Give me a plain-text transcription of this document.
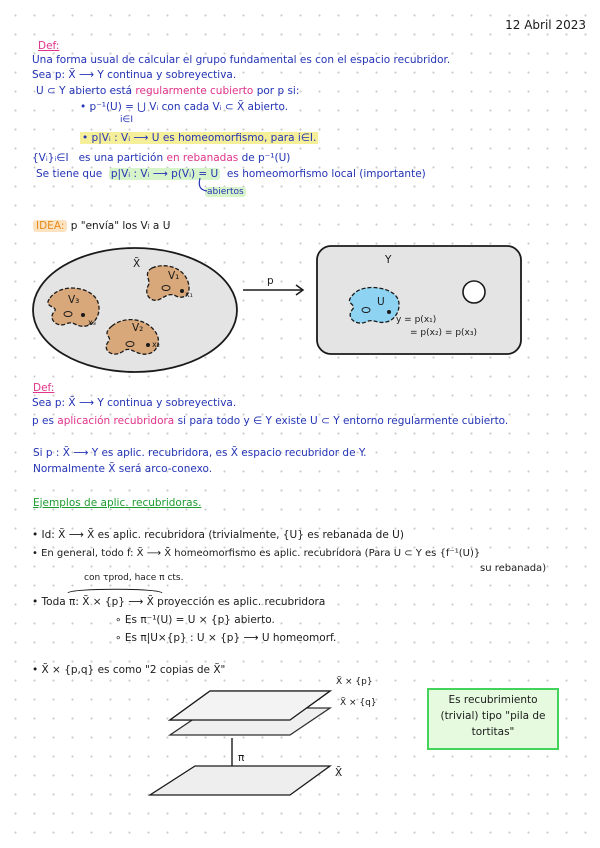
12 Abril 2023
Def:
Una forma usual de calcular el grupo fundamental es con el espacio recubridor.
Sea p: X̃ ⟶ Y continua y sobreyectiva.
U ⊂ Y abierto está regularmente cubierto por p si:
• p⁻¹(U) = ⋃ Vᵢ con cada Vᵢ ⊂ X̃ abierto.
i∈I
• p|Vᵢ : Vᵢ ⟶ U es homeomorfismo, para i∈I.
{Vᵢ}ᵢ∈I es una partición en rebanadas de p⁻¹(U)
Se tiene que p|Vᵢ : Vᵢ ⟶ p(Vᵢ) = U es homeomorfismo local (importante)
abiertos
IDEA: p "envía" los Vᵢ a U
X̃
V₁
x₁
V₃
x₃	V₂
x₂
p
Y
U
y = p(x₁)
= p(x₂) = p(x₃)
Def:
Sea p: X̃ ⟶ Y continua y sobreyectiva.
p es aplicación recubridora si para todo y ∈ Y existe U ⊂ Y entorno regularmente cubierto.
Si p : X̃ ⟶ Y es aplic. recubridora, es X̃ espacio recubridor de Y.
Normalmente X̃ será arco-conexo.
Ejemplos de aplic. recubridoras.
• Id: X̃ ⟶ X̃ es aplic. recubridora (trivialmente, {U} es rebanada de U)
• En general, todo f: X̃ ⟶ X̃ homeomorfismo es aplic. recubridora (Para U ⊂ Y es {f⁻¹(U)}
su rebanada)
con τprod, hace π cts.
• Toda π: X̃ × {p} ⟶ X̃ proyección es aplic. recubridora
∘ Es π⁻¹(U) = U × {p} abierto.
∘ Es π|U×{p} : U × {p} ⟶ U homeomorf.
• X̃ × {p,q} es como "2 copias de X̃"
X̃ × {p}
X̃ × {q}
π
X̃
Es recubrimiento
(trivial) tipo "pila de
tortitas"
